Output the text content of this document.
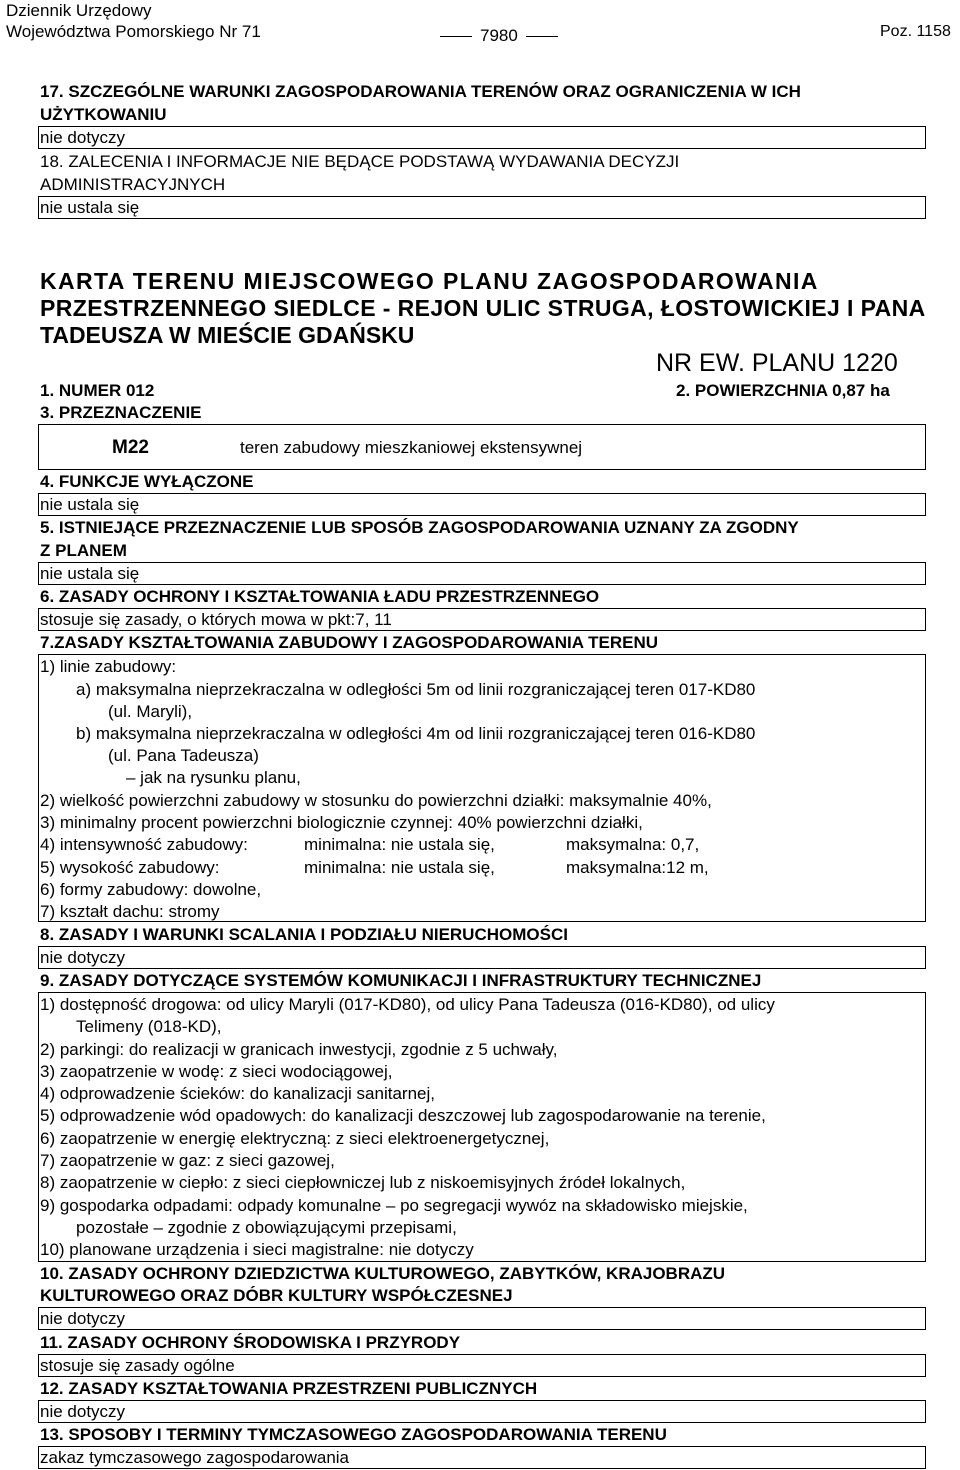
Dziennik Urzędowy
Województwa Pomorskiego Nr 71	7980	Poz. 1158
17. SZCZEGÓLNE WARUNKI ZAGOSPODAROWANIA TERENÓW ORAZ OGRANICZENIA W ICH
UŻYTKOWANIU
nie dotyczy
18. ZALECENIA I INFORMACJE NIE BĘDĄCE PODSTAWĄ WYDAWANIA DECYZJI
ADMINISTRACYJNYCH
nie ustala się
KARTA TERENU MIEJSCOWEGO PLANU ZAGOSPODAROWANIA
PRZESTRZENNEGO SIEDLCE - REJON ULIC STRUGA, ŁOSTOWICKIEJ I PANA
TADEUSZA W MIEŚCIE GDAŃSKU
NR EW. PLANU 1220
1. NUMER 012	2. POWIERZCHNIA 0,87 ha
3. PRZEZNACZENIE
M22	teren zabudowy mieszkaniowej ekstensywnej
4. FUNKCJE WYŁĄCZONE
nie ustala się
5. ISTNIEJĄCE PRZEZNACZENIE LUB SPOSÓB ZAGOSPODAROWANIA UZNANY ZA ZGODNY
Z PLANEM
nie ustala się
6. ZASADY OCHRONY I KSZTAŁTOWANIA ŁADU PRZESTRZENNEGO
stosuje się zasady, o których mowa w pkt:7, 11
7.ZASADY KSZTAŁTOWANIA ZABUDOWY I ZAGOSPODAROWANIA TERENU
1) linie zabudowy:
a) maksymalna nieprzekraczalna w odległości 5m od linii rozgraniczającej teren 017-KD80
(ul. Maryli),
b) maksymalna nieprzekraczalna w odległości 4m od linii rozgraniczającej teren 016-KD80
(ul. Pana Tadeusza)
– jak na rysunku planu,
2) wielkość powierzchni zabudowy w stosunku do powierzchni działki: maksymalnie 40%,
3) minimalny procent powierzchni biologicznie czynnej: 40% powierzchni działki,
4) intensywność zabudowy:	minimalna: nie ustala się,	maksymalna: 0,7,
5) wysokość zabudowy:	minimalna: nie ustala się,	maksymalna:12 m,
6) formy zabudowy: dowolne,
7) kształt dachu: stromy
8. ZASADY I WARUNKI SCALANIA I PODZIAŁU NIERUCHOMOŚCI
nie dotyczy
9. ZASADY DOTYCZĄCE SYSTEMÓW KOMUNIKACJI I INFRASTRUKTURY TECHNICZNEJ
1) dostępność drogowa: od ulicy Maryli (017-KD80), od ulicy Pana Tadeusza (016-KD80), od ulicy
Telimeny (018-KD),
2) parkingi: do realizacji w granicach inwestycji, zgodnie z 5 uchwały,
3) zaopatrzenie w wodę: z sieci wodociągowej,
4) odprowadzenie ścieków: do kanalizacji sanitarnej,
5) odprowadzenie wód opadowych: do kanalizacji deszczowej lub zagospodarowanie na terenie,
6) zaopatrzenie w energię elektryczną: z sieci elektroenergetycznej,
7) zaopatrzenie w gaz: z sieci gazowej,
8) zaopatrzenie w ciepło: z sieci ciepłowniczej lub z niskoemisyjnych źródeł lokalnych,
9) gospodarka odpadami: odpady komunalne – po segregacji wywóz na składowisko miejskie,
pozostałe – zgodnie z obowiązującymi przepisami,
10) planowane urządzenia i sieci magistralne: nie dotyczy
10. ZASADY OCHRONY DZIEDZICTWA KULTUROWEGO, ZABYTKÓW, KRAJOBRAZU
KULTUROWEGO ORAZ DÓBR KULTURY WSPÓŁCZESNEJ
nie dotyczy
11. ZASADY OCHRONY ŚRODOWISKA I PRZYRODY
stosuje się zasady ogólne
12. ZASADY KSZTAŁTOWANIA PRZESTRZENI PUBLICZNYCH
nie dotyczy
13. SPOSOBY I TERMINY TYMCZASOWEGO ZAGOSPODAROWANIA TERENU
zakaz tymczasowego zagospodarowania
